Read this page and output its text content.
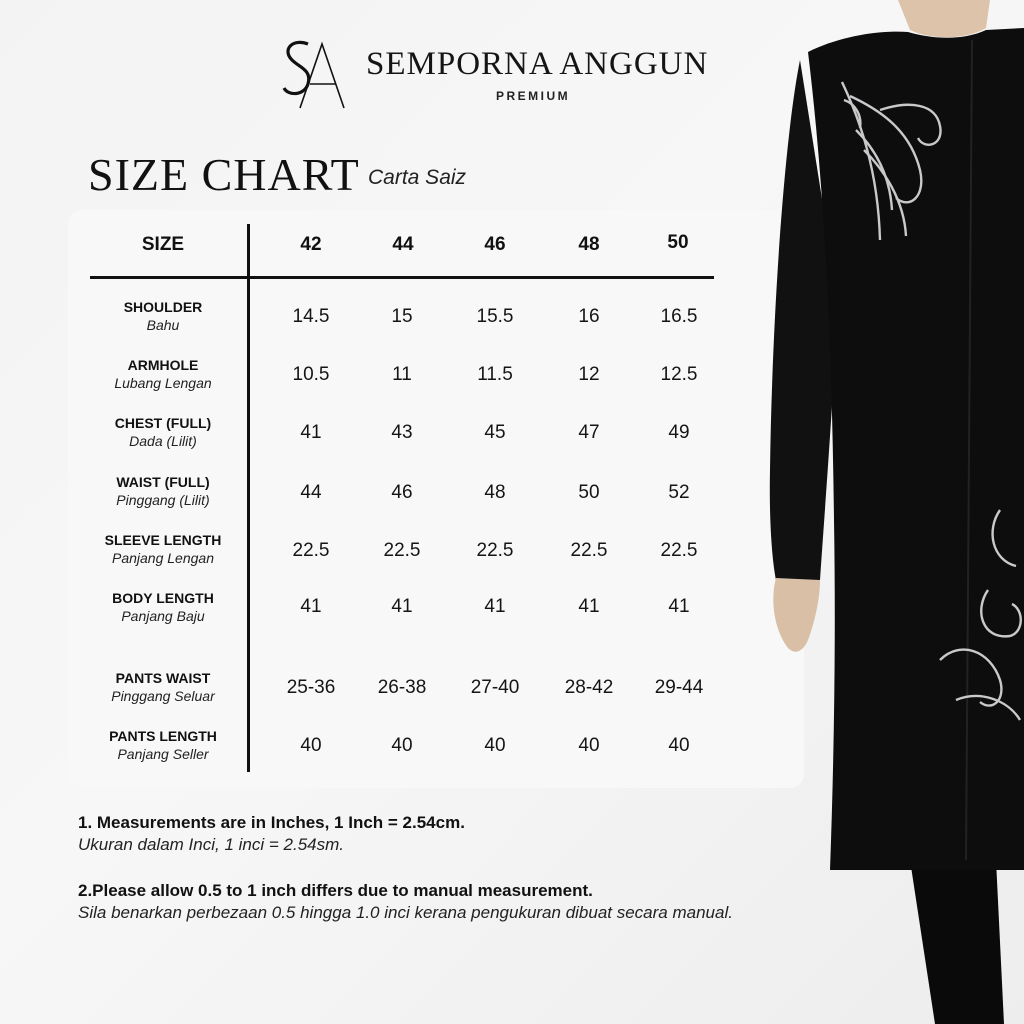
SEMPORNA ANGGUN
PREMIUM
SIZE CHART Carta Saiz
SIZE	42	44	46	48	50
SHOULDER
Bahu	14.5	15	15.5	16	16.5
ARMHOLE
Lubang Lengan	10.5	11	11.5	12	12.5
CHEST (FULL)
Dada (Lilit)	41	43	45	47	49
WAIST (FULL)
Pinggang (Lilit)	44	46	48	50	52
SLEEVE LENGTH
Panjang Lengan	22.5	22.5	22.5	22.5	22.5
BODY LENGTH
Panjang Baju	41	41	41	41	41
PANTS WAIST
Pinggang Seluar	25-36	26-38	27-40	28-42	29-44
PANTS LENGTH
Panjang Seller	40	40	40	40	40
1. Measurements are in Inches, 1 Inch = 2.54cm.
Ukuran dalam Inci, 1 inci = 2.54sm.
2.Please allow 0.5 to 1 inch differs due to manual measurement.
Sila benarkan perbezaan 0.5 hingga 1.0 inci kerana pengukuran dibuat secara manual.
